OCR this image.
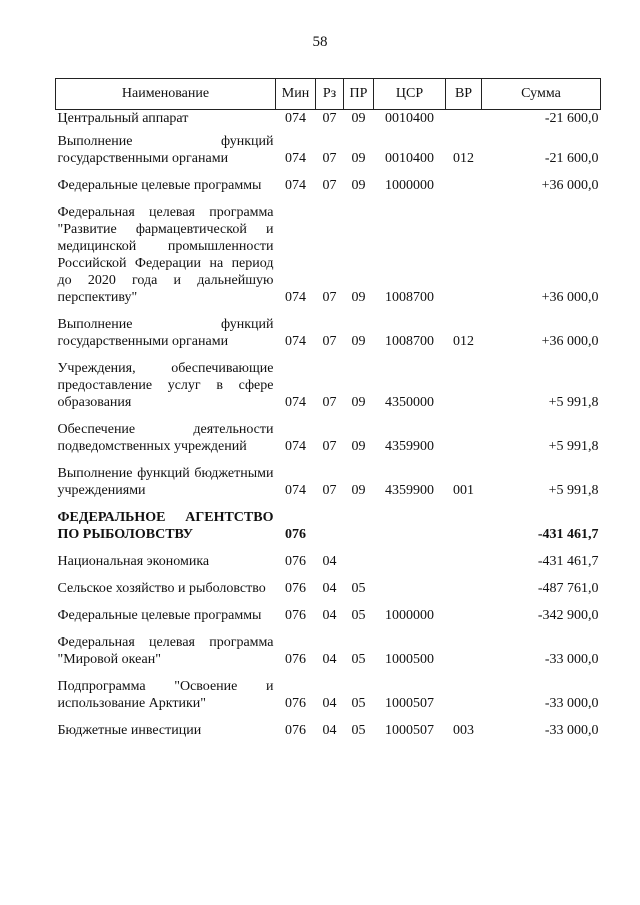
58
Наименование	Мин	Рз	ПР	ЦСР	ВР	Сумма
Центральный аппарат	074	07	09	0010400		-21 600,0
Выполнение функций государственными органами	074	07	09	0010400	012	-21 600,0
Федеральные целевые программы	074	07	09	1000000		+36 000,0
Федеральная целевая программа "Развитие фармацевтической и медицинской промышленности Российской Федерации на период до 2020 года и дальнейшую перспективу"	074	07	09	1008700		+36 000,0
Выполнение функций государственными органами	074	07	09	1008700	012	+36 000,0
Учреждения, обеспечивающие предоставление услуг в сфере образования	074	07	09	4350000		+5 991,8
Обеспечение деятельности подведомственных учреждений	074	07	09	4359900		+5 991,8
Выполнение функций бюджетными учреждениями	074	07	09	4359900	001	+5 991,8
ФЕДЕРАЛЬНОЕ АГЕНТСТВО ПО РЫБОЛОВСТВУ	076					-431 461,7
Национальная экономика	076	04				-431 461,7
Сельское хозяйство и рыболовство	076	04	05			-487 761,0
Федеральные целевые программы	076	04	05	1000000		-342 900,0
Федеральная целевая программа "Мировой океан"	076	04	05	1000500		-33 000,0
Подпрограмма "Освоение и использование Арктики"	076	04	05	1000507		-33 000,0
Бюджетные инвестиции	076	04	05	1000507	003	-33 000,0
